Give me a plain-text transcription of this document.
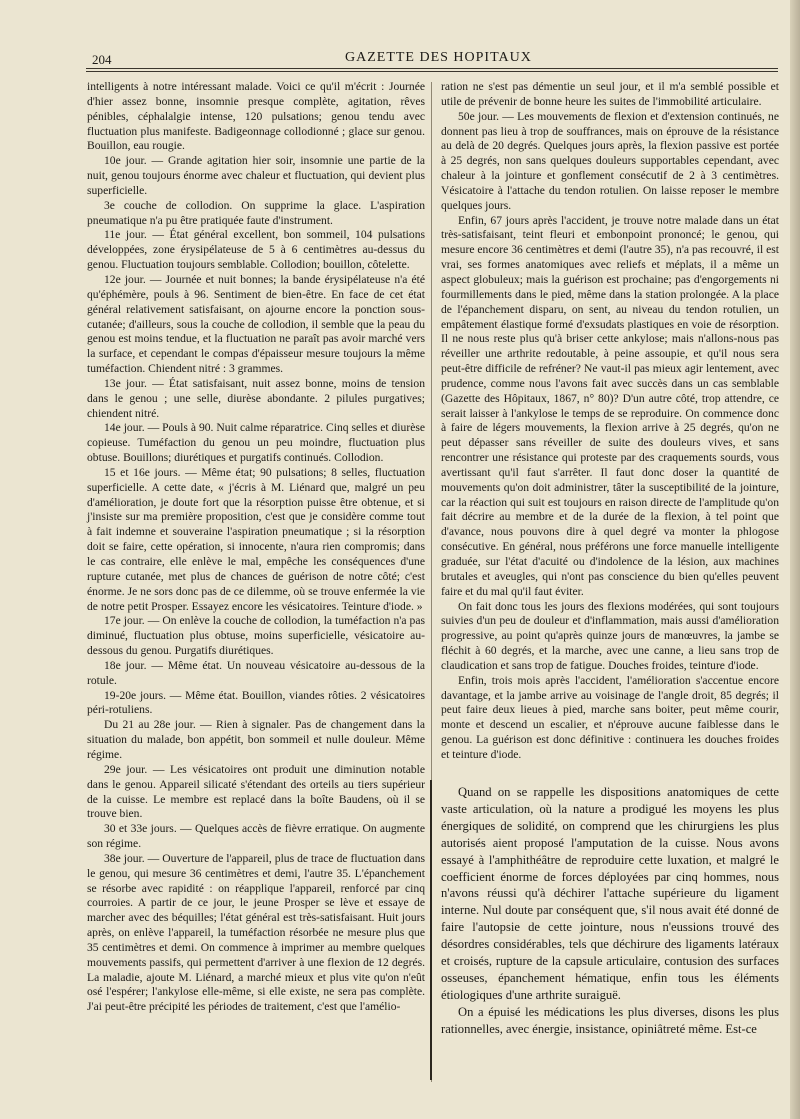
204	GAZETTE DES HOPITAUX

intelligents à notre intéressant malade. Voici ce qu'il m'écrit : Journée d'hier assez bonne, insomnie presque complète, agitation, rêves pénibles, céphalalgie intense, 120 pulsations; genou tendu avec fluctuation plus manifeste. Badigeonnage collodionné ; glace sur genou. Bouillon, eau rougie.

10e jour. — Grande agitation hier soir, insomnie une partie de la nuit, genou toujours énorme avec chaleur et fluctuation, qui devient plus superficielle.

3e couche de collodion. On supprime la glace. L'aspiration pneumatique n'a pu être pratiquée faute d'instrument.

11e jour. — État général excellent, bon sommeil, 104 pulsations développées, zone érysipélateuse de 5 à 6 centimètres au-dessus du genou. Fluctuation toujours semblable. Collodion; bouillon, côtelette.

12e jour. — Journée et nuit bonnes; la bande érysipélateuse n'a été qu'éphémère, pouls à 96. Sentiment de bien-être. En face de cet état général relativement satisfaisant, on ajourne encore la ponction sous-cutanée; d'ailleurs, sous la couche de collodion, il semble que la peau du genou est moins tendue, et la fluctuation ne paraît pas avoir marché vers la surface, et cependant le compas d'épaisseur mesure toujours la même tuméfaction. Chiendent nitré : 3 grammes.

13e jour. — État satisfaisant, nuit assez bonne, moins de tension dans le genou ; une selle, diurèse abondante. 2 pilules purgatives; chiendent nitré.

14e jour. — Pouls à 90. Nuit calme réparatrice. Cinq selles et diurèse copieuse. Tuméfaction du genou un peu moindre, fluctuation plus obtuse. Bouillons; diurétiques et purgatifs continués. Collodion.

15 et 16e jours. — Même état; 90 pulsations; 8 selles, fluctuation superficielle. A cette date, « j'écris à M. Liénard que, malgré un peu d'amélioration, je doute fort que la résorption puisse être obtenue, et si j'insiste sur ma première proposition, c'est que je considère comme tout à fait indemne et souveraine l'aspiration pneumatique ; si la résorption doit se faire, cette opération, si innocente, n'aura rien compromis; dans le cas contraire, elle enlève le mal, empêche les conséquences d'une rupture cutanée, met plus de chances de guérison de notre côté; c'est énorme. Je ne sors donc pas de ce dilemme, où se trouve enfermée la vie de notre petit Prosper. Essayez encore les vésicatoires. Teinture d'iode. »

17e jour. — On enlève la couche de collodion, la tuméfaction n'a pas diminué, fluctuation plus obtuse, moins superficielle, vésicatoire au-dessous du genou. Purgatifs diurétiques.

18e jour. — Même état. Un nouveau vésicatoire au-dessous de la rotule.

19-20e jours. — Même état. Bouillon, viandes rôties. 2 vésicatoires péri-rotuliens.

Du 21 au 28e jour. — Rien à signaler. Pas de changement dans la situation du malade, bon appétit, bon sommeil et nulle douleur. Même régime.

29e jour. — Les vésicatoires ont produit une diminution notable dans le genou. Appareil silicaté s'étendant des orteils au tiers supérieur de la cuisse. Le membre est replacé dans la boîte Baudens, où il se trouve bien.

30 et 33e jours. — Quelques accès de fièvre erratique. On augmente son régime.

38e jour. — Ouverture de l'appareil, plus de trace de fluctuation dans le genou, qui mesure 36 centimètres et demi, l'autre 35. L'épanchement se résorbe avec rapidité : on réapplique l'appareil, renforcé par cinq courroies. A partir de ce jour, le jeune Prosper se lève et essaye de marcher avec des béquilles; l'état général est très-satisfaisant. Huit jours après, on enlève l'appareil, la tuméfaction résorbée ne mesure plus que 35 centimètres et demi. On commence à imprimer au membre quelques mouvements passifs, qui permettent d'arriver à une flexion de 12 degrés. La maladie, ajoute M. Liénard, a marché mieux et plus vite qu'on n'eût osé l'espérer; l'ankylose elle-même, si elle existe, ne sera pas complète. J'ai peut-être précipité les périodes de traitement, c'est que l'amélio-

ration ne s'est pas démentie un seul jour, et il m'a semblé possible et utile de prévenir de bonne heure les suites de l'immobilité articulaire.

50e jour. — Les mouvements de flexion et d'extension continués, ne donnent pas lieu à trop de souffrances, mais on éprouve de la résistance au delà de 20 degrés. Quelques jours après, la flexion passive est portée à 25 degrés, non sans quelques douleurs supportables cependant, avec chaleur à la jointure et gonflement consécutif de 2 à 3 centimètres. Vésicatoire à l'attache du tendon rotulien. On laisse reposer le membre quelques jours.

Enfin, 67 jours après l'accident, je trouve notre malade dans un état très-satisfaisant, teint fleuri et embonpoint prononcé; le genou, qui mesure encore 36 centimètres et demi (l'autre 35), n'a pas recouvré, il est vrai, ses formes anatomiques avec reliefs et méplats, il a même un aspect globuleux; mais la guérison est prochaine; pas d'engorgements ni fourmillements dans le pied, même dans la station prolongée. A la place de l'épanchement disparu, on sent, au niveau du tendon rotulien, un empâtement élastique formé d'exsudats plastiques en voie de résorption. Il ne nous reste plus qu'à briser cette ankylose; mais n'allons-nous pas réveiller une arthrite redoutable, à peine assoupie, et qu'il nous sera peut-être difficile de refréner? Ne vaut-il pas mieux agir lentement, avec prudence, comme nous l'avons fait avec succès dans un cas semblable (Gazette des Hôpitaux, 1867, n° 80)? D'un autre côté, trop attendre, ce serait laisser à l'ankylose le temps de se reproduire. On commence donc à faire de légers mouvements, la flexion arrive à 25 degrés, qu'on ne peut dépasser sans réveiller de suite des douleurs vives, et sans rencontrer une résistance qui proteste par des craquements sourds, vous avertissant qu'il faut s'arrêter. Il faut donc doser la quantité de mouvements qu'on doit administrer, tâter la susceptibilité de la jointure, car la réaction qui suit est toujours en raison directe de l'amplitude qu'on fait décrire au membre et de la durée de la flexion, à tel point que d'avance, nous pouvons dire à quel degré va monter la phlogose consécutive. En général, nous préférons une force manuelle intelligente graduée, sur l'état d'acuité ou d'indolence de la lésion, aux machines brutales et aveugles, qui n'ont pas conscience du bien qu'elles peuvent faire et du mal qu'il faut éviter.

On fait donc tous les jours des flexions modérées, qui sont toujours suivies d'un peu de douleur et d'inflammation, mais aussi d'amélioration progressive, au point qu'après quinze jours de manœuvres, la jambe se fléchit à 60 degrés, et la marche, avec une canne, a lieu sans trop de claudication et sans trop de fatigue. Douches froides, teinture d'iode.

Enfin, trois mois après l'accident, l'amélioration s'accentue encore davantage, et la jambe arrive au voisinage de l'angle droit, 85 degrés; il peut faire deux lieues à pied, marche sans boiter, peut même courir, monte et descend un escalier, et n'éprouve aucune faiblesse dans le genou. La guérison est donc définitive : continuera les douches froides et teinture d'iode.

Quand on se rappelle les dispositions anatomiques de cette vaste articulation, où la nature a prodigué les moyens les plus énergiques de solidité, on comprend que les chirurgiens les plus autorisés aient proposé l'amputation de la cuisse. Nous avons essayé à l'amphithéâtre de reproduire cette luxation, et malgré le coefficient énorme de forces déployées par cinq hommes, nous n'avons réussi qu'à déchirer l'attache supérieure du ligament interne. Nul doute par conséquent que, s'il nous avait été donné de faire l'autopsie de cette jointure, nous n'eussions trouvé des désordres considérables, tels que déchirure des ligaments latéraux et croisés, rupture de la capsule articulaire, contusion des surfaces osseuses, épanchement hématique, enfin tous les éléments étiologiques d'une arthrite suraiguë.

On a épuisé les médications les plus diverses, disons les plus rationnelles, avec énergie, insistance, opiniâtreté même. Est-ce
